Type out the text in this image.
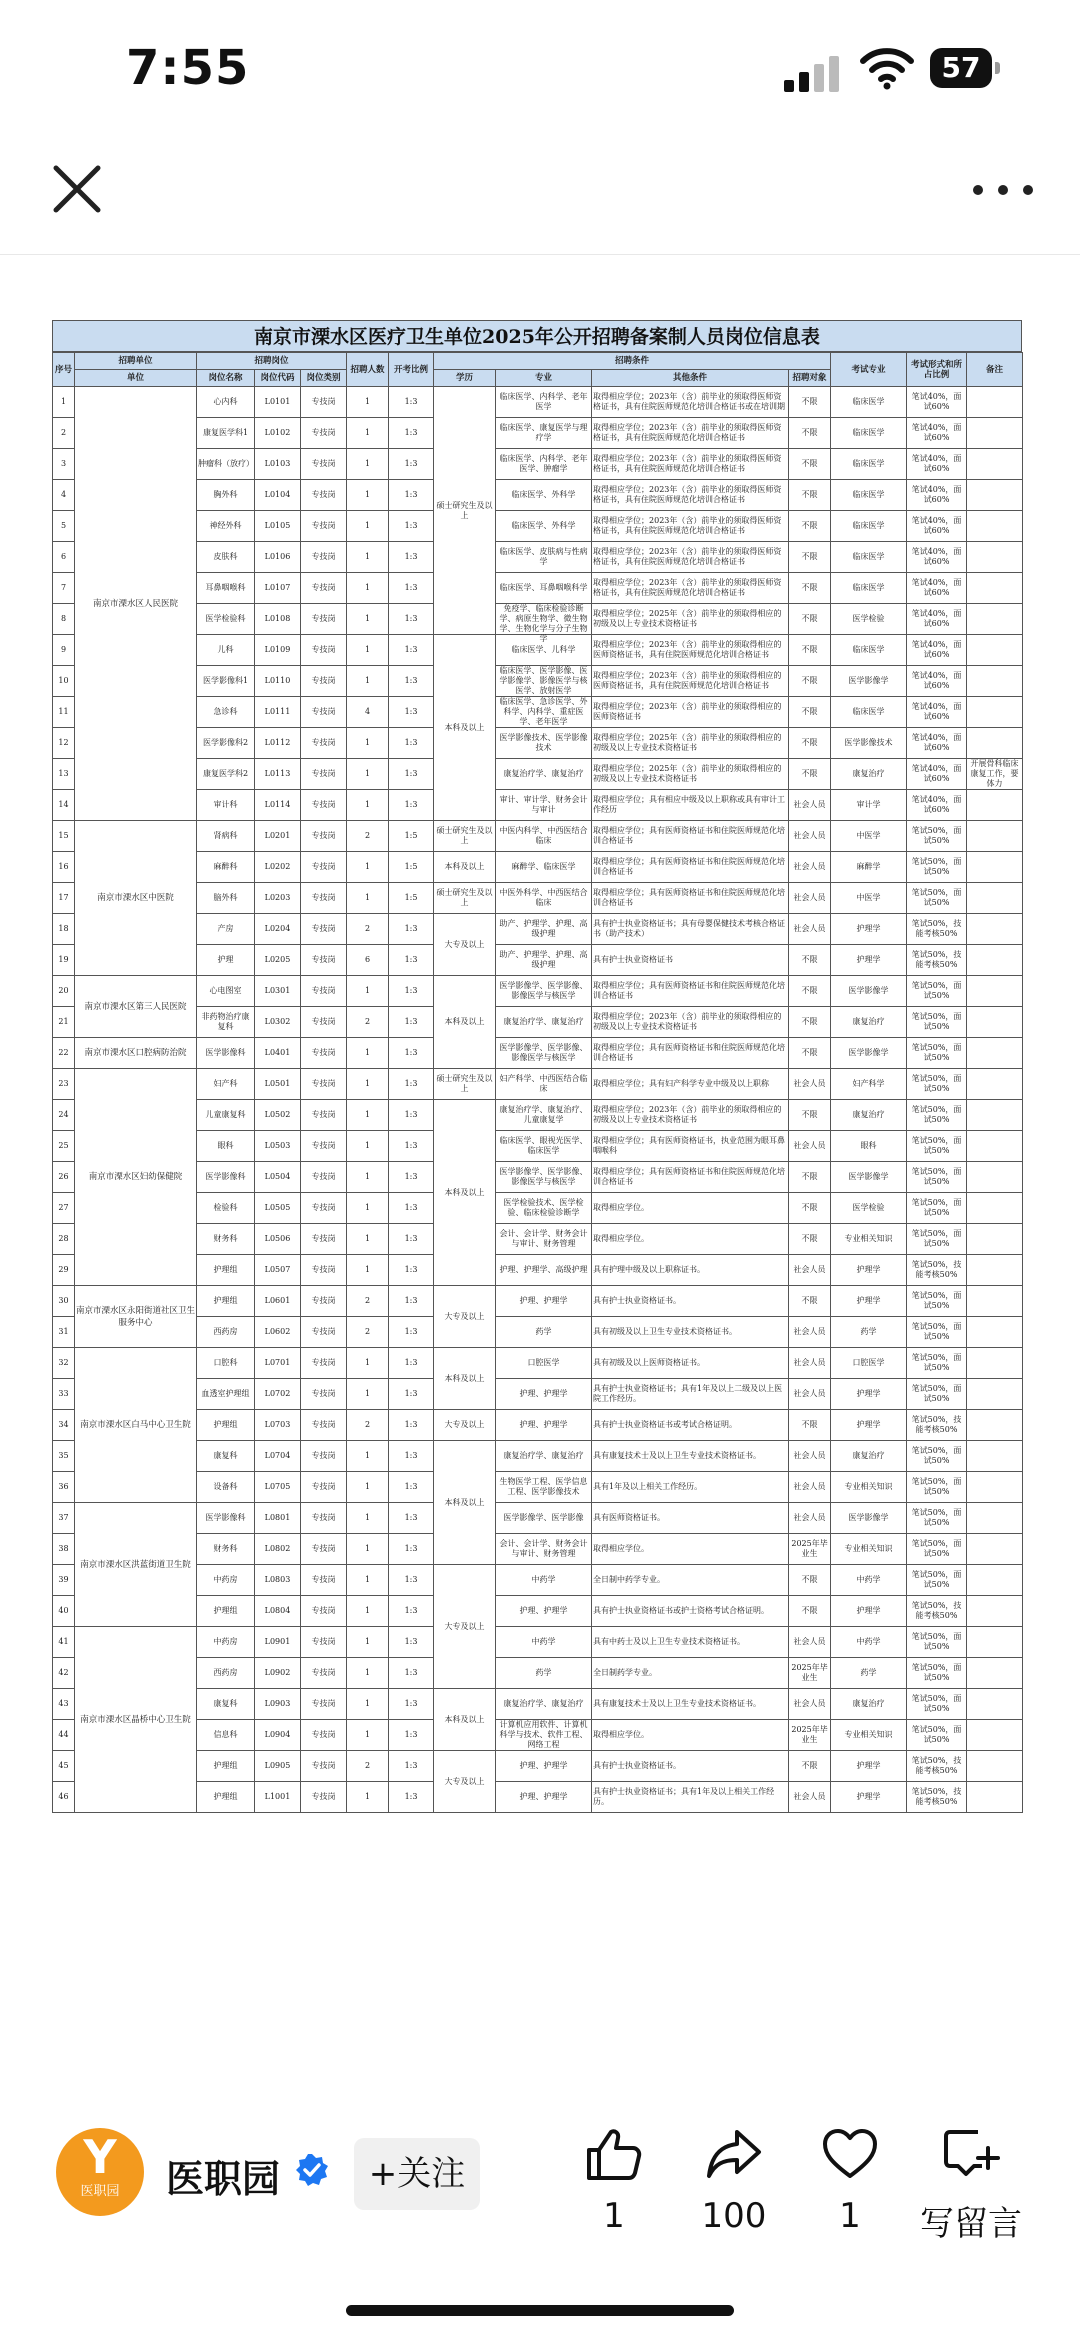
7:55	57
南京市溧水区医疗卫生单位2025年公开招聘备案制人员岗位信息表
序号	招聘单位	招聘岗位			招聘人数	开考比例	招聘条件				考试专业	考试形式和所占比例	备注
	单位	岗位名称	岗位代码	岗位类别			学历	专业	其他条件	招聘对象			

1	南京市溧水区人民医院	心内科	L0101	专技岗	1	1:3	硕士研究生及以上	临床医学、内科学、老年医学	取得相应学位；2023年（含）前毕业的须取得医师资格证书，具有住院医师规范化培训合格证书或在培训期	不限	临床医学	笔试40%，面试60%	

2		康复医学科1	L0102	专技岗	1	1:3		临床医学、康复医学与理疗学	取得相应学位；2023年（含）前毕业的须取得医师资格证书，具有住院医师规范化培训合格证书	不限	临床医学	笔试40%，面试60%	

3		肿瘤科（放疗）	L0103	专技岗	1	1:3		临床医学、内科学、老年医学、肿瘤学	取得相应学位；2023年（含）前毕业的须取得医师资格证书，具有住院医师规范化培训合格证书	不限	临床医学	笔试40%，面试60%	

4		胸外科	L0104	专技岗	1	1:3		临床医学、外科学	取得相应学位；2023年（含）前毕业的须取得医师资格证书，具有住院医师规范化培训合格证书	不限	临床医学	笔试40%，面试60%	

5		神经外科	L0105	专技岗	1	1:3		临床医学、外科学	取得相应学位；2023年（含）前毕业的须取得医师资格证书，具有住院医师规范化培训合格证书	不限	临床医学	笔试40%，面试60%	

6		皮肤科	L0106	专技岗	1	1:3		临床医学、皮肤病与性病学	取得相应学位；2023年（含）前毕业的须取得医师资格证书，具有住院医师规范化培训合格证书	不限	临床医学	笔试40%，面试60%	

7		耳鼻咽喉科	L0107	专技岗	1	1:3		临床医学、耳鼻咽喉科学	取得相应学位；2023年（含）前毕业的须取得医师资格证书，具有住院医师规范化培训合格证书	不限	临床医学	笔试40%，面试60%	

8		医学检验科	L0108	专技岗	1	1:3		免疫学、临床检验诊断学、病原生物学、微生物学、生物化学与分子生物学	取得相应学位；2025年（含）前毕业的须取得相应的初级及以上专业技术资格证书	不限	医学检验	笔试40%，面试60%	

9		儿科	L0109	专技岗	1	1:3	本科及以上	临床医学、儿科学	取得相应学位；2023年（含）前毕业的须取得相应的医师资格证书，具有住院医师规范化培训合格证书	不限	临床医学	笔试40%，面试60%	

10		医学影像科1	L0110	专技岗	1	1:3		临床医学、医学影像、医学影像学、影像医学与核医学、放射医学	取得相应学位；2023年（含）前毕业的须取得相应的医师资格证书，具有住院医师规范化培训合格证书	不限	医学影像学	笔试40%，面试60%	

11		急诊科	L0111	专技岗	4	1:3		临床医学、急诊医学、外科学、内科学、重症医学、老年医学	取得相应学位；2023年（含）前毕业的须取得相应的医师资格证书	不限	临床医学	笔试40%，面试60%	

12		医学影像科2	L0112	专技岗	1	1:3		医学影像技术、医学影像技术	取得相应学位；2025年（含）前毕业的须取得相应的初级及以上专业技术资格证书	不限	医学影像技术	笔试40%，面试60%	

13		康复医学科2	L0113	专技岗	1	1:3		康复治疗学、康复治疗	取得相应学位；2025年（含）前毕业的须取得相应的初级及以上专业技术资格证书	不限	康复治疗	笔试40%，面试60%	开展骨科临床康复工作，要体力

14		审计科	L0114	专技岗	1	1:3		审计、审计学、财务会计与审计	取得相应学位；具有相应中级及以上职称或具有审计工作经历	社会人员	审计学	笔试40%，面试60%	

15	南京市溧水区中医院	肾病科	L0201	专技岗	2	1:5	硕士研究生及以上	中医内科学、中西医结合临床	取得相应学位；具有医师资格证书和住院医师规范化培训合格证书	社会人员	中医学	笔试50%，面试50%	

16		麻醉科	L0202	专技岗	1	1:5	本科及以上	麻醉学、临床医学	取得相应学位；具有医师资格证书和住院医师规范化培训合格证书	社会人员	麻醉学	笔试50%，面试50%	

17		脑外科	L0203	专技岗	1	1:5	硕士研究生及以上	中医外科学、中西医结合临床	取得相应学位；具有医师资格证书和住院医师规范化培训合格证书	社会人员	中医学	笔试50%，面试50%	

18		产房	L0204	专技岗	2	1:3	大专及以上	助产、护理学、护理、高级护理	具有护士执业资格证书；具有母婴保健技术考核合格证书（助产技术）	社会人员	护理学	笔试50%，技能考核50%	

19		护理	L0205	专技岗	6	1:3		助产、护理学、护理、高级护理	具有护士执业资格证书	不限	护理学	笔试50%，技能考核50%	

20	南京市溧水区第三人民医院	心电图室	L0301	专技岗	1	1:3	本科及以上	医学影像学、医学影像、影像医学与核医学	取得相应学位；具有医师资格证书和住院医师规范化培训合格证书	不限	医学影像学	笔试50%，面试50%	

21		非药物治疗康复科	L0302	专技岗	2	1:3		康复治疗学、康复治疗	取得相应学位；2023年（含）前毕业的须取得相应的初级及以上专业技术资格证书	不限	康复治疗	笔试50%，面试50%	

22	南京市溧水区口腔病防治院	医学影像科	L0401	专技岗	1	1:3		医学影像学、医学影像、影像医学与核医学	取得相应学位；具有医师资格证书和住院医师规范化培训合格证书	不限	医学影像学	笔试50%，面试50%	

23	南京市溧水区妇幼保健院	妇产科	L0501	专技岗	1	1:3	硕士研究生及以上	妇产科学、中西医结合临床	取得相应学位；具有妇产科学专业中级及以上职称	社会人员	妇产科学	笔试50%，面试50%	

24		儿童康复科	L0502	专技岗	1	1:3	本科及以上	康复治疗学、康复治疗、儿童康复学	取得相应学位；2023年（含）前毕业的须取得相应的初级及以上专业技术资格证书	不限	康复治疗	笔试50%，面试50%	

25		眼科	L0503	专技岗	1	1:3		临床医学、眼视光医学、临床医学	取得相应学位；具有医师资格证书，执业范围为眼耳鼻咽喉科	社会人员	眼科	笔试50%，面试50%	

26		医学影像科	L0504	专技岗	1	1:3		医学影像学、医学影像、影像医学与核医学	取得相应学位；具有医师资格证书和住院医师规范化培训合格证书	不限	医学影像学	笔试50%，面试50%	

27		检验科	L0505	专技岗	1	1:3		医学检验技术、医学检验、临床检验诊断学	取得相应学位。	不限	医学检验	笔试50%，面试50%	

28		财务科	L0506	专技岗	1	1:3		会计、会计学、财务会计与审计、财务管理	取得相应学位。	不限	专业相关知识	笔试50%，面试50%	

29		护理组	L0507	专技岗	1	1:3		护理、护理学、高级护理	具有护理中级及以上职称证书。	社会人员	护理学	笔试50%，技能考核50%	

30	南京市溧水区永阳街道社区卫生服务中心	护理组	L0601	专技岗	2	1:3	大专及以上	护理、护理学	具有护士执业资格证书。	不限	护理学	笔试50%，面试50%	

31		西药房	L0602	专技岗	2	1:3		药学	具有初级及以上卫生专业技术资格证书。	社会人员	药学	笔试50%，面试50%	

32	南京市溧水区白马中心卫生院	口腔科	L0701	专技岗	1	1:3	本科及以上	口腔医学	具有初级及以上医师资格证书。	社会人员	口腔医学	笔试50%，面试50%	

33		血透室护理组	L0702	专技岗	1	1:3		护理、护理学	具有护士执业资格证书；具有1年及以上二级及以上医院工作经历。	社会人员	护理学	笔试50%，面试50%	

34		护理组	L0703	专技岗	2	1:3	大专及以上	护理、护理学	具有护士执业资格证书或考试合格证明。	不限	护理学	笔试50%，技能考核50%	

35		康复科	L0704	专技岗	1	1:3	本科及以上	康复治疗学、康复治疗	具有康复技术士及以上卫生专业技术资格证书。	社会人员	康复治疗	笔试50%，面试50%	

36		设备科	L0705	专技岗	1	1:3		生物医学工程、医学信息工程、医学影像技术	具有1年及以上相关工作经历。	社会人员	专业相关知识	笔试50%，面试50%	

37	南京市溧水区洪蓝街道卫生院	医学影像科	L0801	专技岗	1	1:3		医学影像学、医学影像	具有医师资格证书。	社会人员	医学影像学	笔试50%，面试50%	

38		财务科	L0802	专技岗	1	1:3		会计、会计学、财务会计与审计、财务管理	取得相应学位。	2025年毕业生	专业相关知识	笔试50%，面试50%	

39		中药房	L0803	专技岗	1	1:3	大专及以上	中药学	全日制中药学专业。	不限	中药学	笔试50%，面试50%	

40		护理组	L0804	专技岗	1	1:3		护理、护理学	具有护士执业资格证书或护士资格考试合格证明。	不限	护理学	笔试50%，技能考核50%	

41	南京市溧水区晶桥中心卫生院	中药房	L0901	专技岗	1	1:3		中药学	具有中药士及以上卫生专业技术资格证书。	社会人员	中药学	笔试50%，面试50%	

42		西药房	L0902	专技岗	1	1:3		药学	全日制药学专业。	2025年毕业生	药学	笔试50%，面试50%	

43		康复科	L0903	专技岗	1	1:3	本科及以上	康复治疗学、康复治疗	具有康复技术士及以上卫生专业技术资格证书。	社会人员	康复治疗	笔试50%，面试50%	

44		信息科	L0904	专技岗	1	1:3		计算机应用软件、计算机科学与技术、软件工程、网络工程	取得相应学位。	2025年毕业生	专业相关知识	笔试50%，面试50%	

45		护理组	L0905	专技岗	2	1:3	大专及以上	护理、护理学	具有护士执业资格证书。	不限	护理学	笔试50%，技能考核50%	

46		护理组	L1001	专技岗	1	1:3		护理、护理学	具有护士执业资格证书；具有1年及以上相关工作经历。	社会人员	护理学	笔试50%，技能考核50%	

Y
医职园	医职园	+关注
1	100	1	写留言
